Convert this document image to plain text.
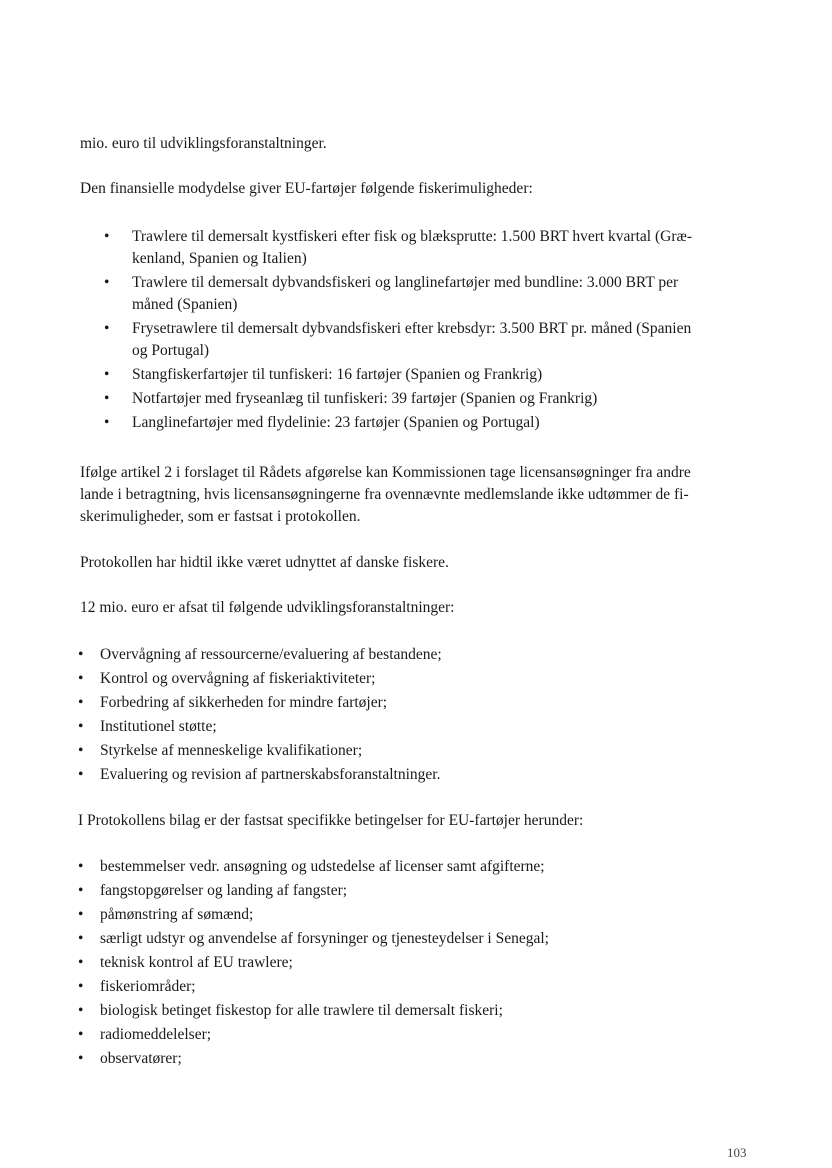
mio. euro til udviklingsforanstaltninger.

Den finansielle modydelse giver EU-fartøjer følgende fiskerimuligheder:

• Trawlere til demersalt kystfiskeri efter fisk og blæksprutte: 1.500 BRT hvert kvartal (Græ-
kenland, Spanien og Italien)
• Trawlere til demersalt dybvandsfiskeri og langlinefartøjer med bundline: 3.000 BRT per
måned (Spanien)
• Frysetrawlere til demersalt dybvandsfiskeri efter krebsdyr: 3.500 BRT pr. måned (Spanien
og Portugal)
• Stangfiskerfartøjer til tunfiskeri: 16 fartøjer (Spanien og Frankrig)
• Notfartøjer med fryseanlæg til tunfiskeri: 39 fartøjer (Spanien og Frankrig)
• Langlinefartøjer med flydelinie: 23 fartøjer (Spanien og Portugal)

Ifølge artikel 2 i forslaget til Rådets afgørelse kan Kommissionen tage licensansøgninger fra andre
lande i betragtning, hvis licensansøgningerne fra ovennævnte medlemslande ikke udtømmer de fi-
skerimuligheder, som er fastsat i protokollen.

Protokollen har hidtil ikke været udnyttet af danske fiskere.

12 mio. euro er afsat til følgende udviklingsforanstaltninger:

• Overvågning af ressourcerne/evaluering af bestandene;
• Kontrol og overvågning af fiskeriaktiviteter;
• Forbedring af sikkerheden for mindre fartøjer;
• Institutionel støtte;
• Styrkelse af menneskelige kvalifikationer;
• Evaluering og revision af partnerskabsforanstaltninger.

I Protokollens bilag er der fastsat specifikke betingelser for EU-fartøjer herunder:

• bestemmelser vedr. ansøgning og udstedelse af licenser samt afgifterne;
• fangstopgørelser og landing af fangster;
• påmønstring af sømænd;
• særligt udstyr og anvendelse af forsyninger og tjenesteydelser i Senegal;
• teknisk kontrol af EU trawlere;
• fiskeriområder;
• biologisk betinget fiskestop for alle trawlere til demersalt fiskeri;
• radiomeddelelser;
• observatører;
103
